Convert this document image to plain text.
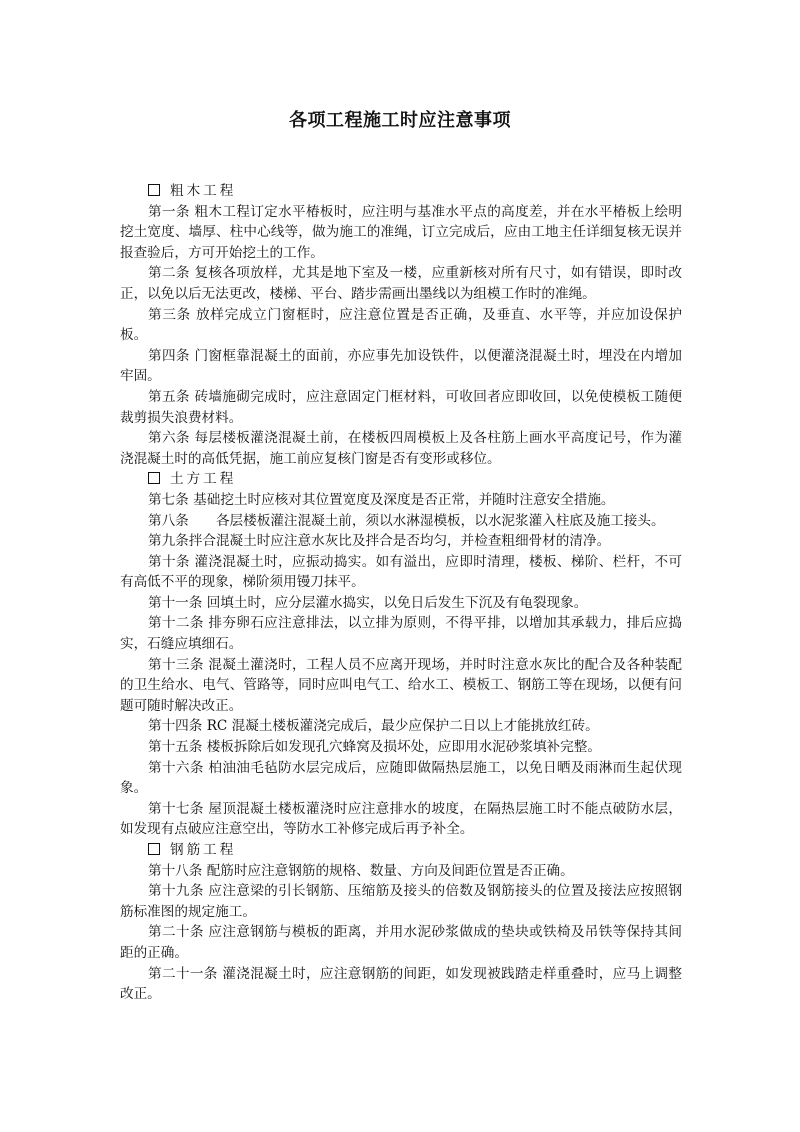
各项工程施工时应注意事项
粗木工程

第一条 粗木工程订定水平椿板时，应注明与基准水平点的高度差，并在水平椿板上绘明挖土宽度、墙厚、柱中心线等，做为施工的准绳，订立完成后，应由工地主任详细复核无误并报查验后，方可开始挖土的工作。

第二条 复核各项放样，尤其是地下室及一楼，应重新核对所有尺寸，如有错误，即时改正，以免以后无法更改，楼梯、平台、踏步需画出墨线以为组模工作时的准绳。

第三条 放样完成立门窗框时，应注意位置是否正确，及垂直、水平等，并应加设保护板。

第四条 门窗框靠混凝土的面前，亦应事先加设铁件，以便灌浇混凝土时，埋没在内增加牢固。

第五条 砖墙施砌完成时，应注意固定门框材料，可收回者应即收回，以免使模板工随便裁剪损失浪费材料。

第六条 每层楼板灌浇混凝土前，在楼板四周模板上及各柱筋上画水平高度记号，作为灌浇混凝土时的高低凭据，施工前应复核门窗是否有变形或移位。

土方工程

第七条 基础挖土时应核对其位置宽度及深度是否正常，并随时注意安全措施。

第八条　　各层楼板灌注混凝土前，须以水淋湿模板，以水泥浆灌入柱底及施工接头。

第九条拌合混凝土时应注意水灰比及拌合是否均匀，并检查粗细骨材的清净。

第十条 灌浇混凝土时，应振动捣实。如有溢出，应即时清理，楼板、梯阶、栏杆，不可有高低不平的现象，梯阶须用镘刀抹平。

第十一条 回填土时，应分层灌水捣实，以免日后发生下沉及有龟裂现象。

第十二条 排夯卵石应注意排法，以立排为原则，不得平排，以增加其承载力，排后应捣实，石缝应填细石。

第十三条 混凝土灌浇时，工程人员不应离开现场，并时时注意水灰比的配合及各种装配的卫生给水、电气、管路等，同时应叫电气工、给水工、模板工、钢筋工等在现场，以便有问题可随时解决改正。

第十四条 RC 混凝土楼板灌浇完成后，最少应保护二日以上才能挑放红砖。

第十五条 楼板拆除后如发现孔穴蜂窝及损坏处，应即用水泥砂浆填补完整。

第十六条 柏油油毛毡防水层完成后，应随即做隔热层施工，以免日晒及雨淋而生起伏现象。

第十七条 屋顶混凝土楼板灌浇时应注意排水的坡度，在隔热层施工时不能点破防水层，如发现有点破应注意空出，等防水工补修完成后再予补全。

钢筋工程

第十八条 配筋时应注意钢筋的规格、数量、方向及间距位置是否正确。

第十九条 应注意梁的引长钢筋、压缩筋及接头的倍数及钢筋接头的位置及接法应按照钢筋标准图的规定施工。

第二十条 应注意钢筋与模板的距离，并用水泥砂浆做成的垫块或铁椅及吊铁等保持其间距的正确。

第二十一条 灌浇混凝土时，应注意钢筋的间距，如发现被践踏走样重叠时，应马上调整改正。
